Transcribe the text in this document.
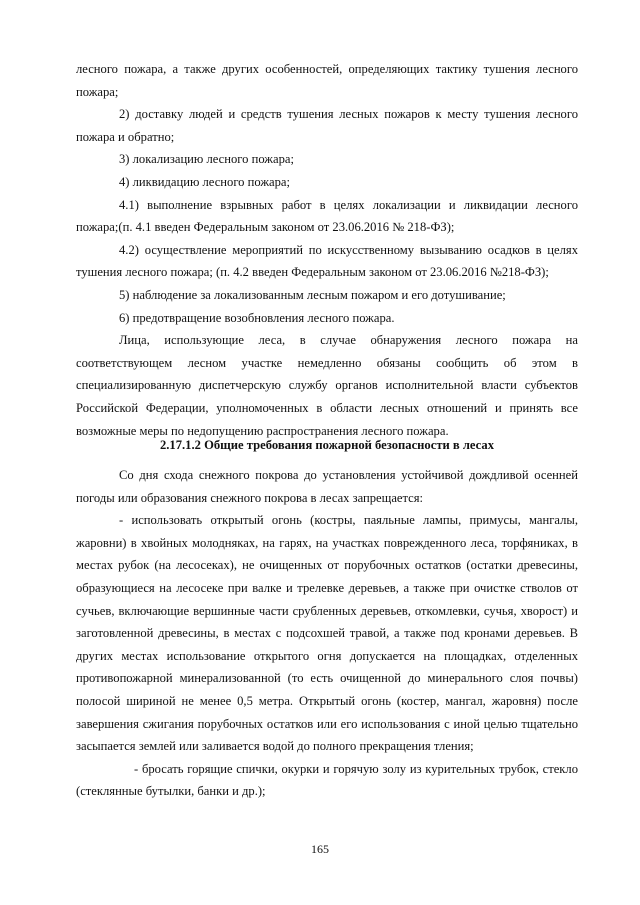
лесного пожара, а также других особенностей, определяющих тактику тушения лесного пожара;

2) доставку людей и средств тушения лесных пожаров к месту тушения лесного пожара и обратно;

3) локализацию лесного пожара;

4) ликвидацию лесного пожара;

4.1) выполнение взрывных работ в целях локализации и ликвидации лесного пожара;(п. 4.1 введен Федеральным законом от 23.06.2016 № 218-ФЗ);

4.2) осуществление мероприятий по искусственному вызыванию осадков в целях тушения лесного пожара; (п. 4.2 введен Федеральным законом от 23.06.2016 №218-ФЗ);

5) наблюдение за локализованным лесным пожаром и его дотушивание;

6) предотвращение возобновления лесного пожара.

Лица, использующие леса, в случае обнаружения лесного пожара на соответствующем лесном участке немедленно обязаны сообщить об этом в специализированную диспетчерскую службу органов исполнительной власти субъектов Российской Федерации, уполномоченных в области лесных отношений и принять все возможные меры по недопущению распространения лесного пожара.

2.17.1.2 Общие требования пожарной безопасности в лесах

Со дня схода снежного покрова до установления устойчивой дождливой осенней погоды или образования снежного покрова в лесах запрещается:

- использовать открытый огонь (костры, паяльные лампы, примусы, мангалы, жаровни) в хвойных молодняках, на гарях, на участках поврежденного леса, торфяниках, в местах рубок (на лесосеках), не очищенных от порубочных остатков (остатки древесины, образующиеся на лесосеке при валке и трелевке деревьев, а также при очистке стволов от сучьев, включающие вершинные части срубленных деревьев, откомлевки, сучья, хворост) и заготовленной древесины, в местах с подсохшей травой, а также под кронами деревьев. В других местах использование открытого огня допускается на площадках, отделенных противопожарной минерализованной (то есть очищенной до минерального слоя почвы) полосой шириной не менее 0,5 метра. Открытый огонь (костер, мангал, жаровня) после завершения сжигания порубочных остатков или его использования с иной целью тщательно засыпается землей или заливается водой до полного прекращения тления;

- бросать горящие спички, окурки и горячую золу из курительных трубок, стекло (стеклянные бутылки, банки и др.);

165
